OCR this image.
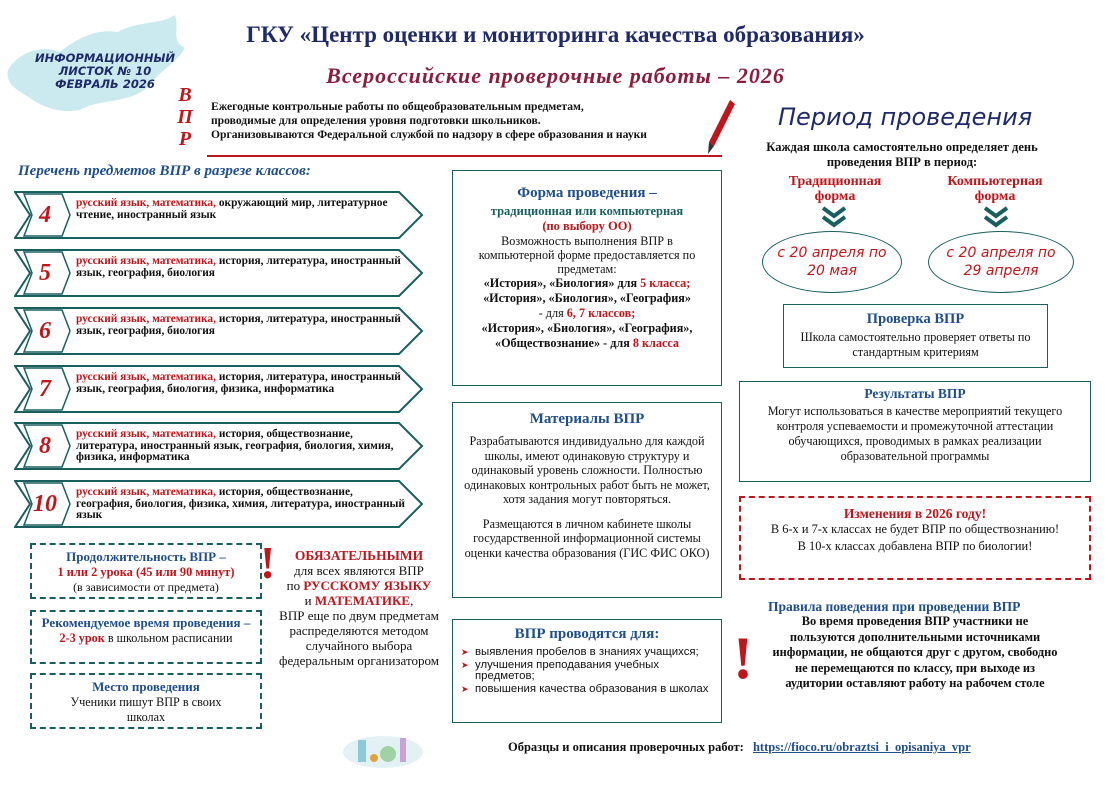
ГКУ «Центр оценки и мониторинга качества образования»
Всероссийские проверочные работы – 2026
ИНФОРМАЦИОННЫЙ
ЛИСТОК № 10
ФЕВРАЛЬ 2026	В
П
Р
Ежегодные контрольные работы по общеобразовательным предметам,
проводимые для определения уровня подготовки школьников.
Организовываются Федеральной службой по надзору в сфере образования и науки
Перечень предметов ВПР в разрезе классов:
4	русский язык, математика, окружающий мир, литературное чтение, иностранный язык
5	русский язык, математика, история, литература, иностранный язык, география, биология
6	русский язык, математика, история, литература, иностранный язык, география, биология
7	русский язык, математика, история, литература, иностранный язык, география, биология, физика, информатика
8	русский язык, математика, история, обществознание, литература, иностранный язык, география, биология, химия, физика, информатика
10	русский язык, математика, история, обществознание, география, биология, физика, химия, литература, иностранный язык
Форма проведения –
традиционная или компьютерная
(по выбору ОО)
Возможность выполнения ВПР в компьютерной форме предоставляется по предметам:
«История», «Биология» для 5 класса;
«История», «Биология», «География»
- для 6, 7 классов;
«История», «Биология», «География»,
«Обществознание» - для 8 класса
Материалы ВПР
Разрабатываются индивидуально для каждой школы, имеют одинаковую структуру и одинаковый уровень сложности. Полностью одинаковых контрольных работ быть не может, хотя задания могут повторяться.
Размещаются в личном кабинете школы государственной информационной системы оценки качества образования (ГИС ФИС ОКО)
ВПР проводятся для:
➤ выявления пробелов в знаниях учащихся;
➤ улучшения преподавания учебных предметов;
➤ повышения качества образования в школах
Период проведения
Каждая школа самостоятельно определяет день проведения ВПР в период:
Традиционная форма
Компьютерная форма
с 20 апреля по 20 мая
с 20 апреля по 29 апреля
Проверка ВПР
Школа самостоятельно проверяет ответы по стандартным критериям
Результаты ВПР
Могут использоваться в качестве мероприятий текущего контроля успеваемости и промежуточной аттестации обучающихся, проводимых в рамках реализации образовательной программы
Изменения в 2026 году!
В 6-х и 7-х классах не будет ВПР по обществознанию!
В 10-х классах добавлена ВПР по биологии!
Правила поведения при проведении ВПР
!
Во время проведения ВПР участники не пользуются дополнительными источниками информации, не общаются друг с другом, свободно не перемещаются по классу, при выходе из аудитории оставляют работу на рабочем столе
Продолжительность ВПР –
1 или 2 урока (45 или 90 минут)
(в зависимости от предмета)
Рекомендуемое время проведения –
2-3 урок в школьном расписании
Место проведения
Ученики пишут ВПР в своих школах
!	ОБЯЗАТЕЛЬНЫМИ
для всех являются ВПР
по РУССКОМУ ЯЗЫКУ
и МАТЕМАТИКЕ,
ВПР еще по двум предметам распределяются методом случайного выбора федеральным организатором
Образцы и описания проверочных работ: https://fioco.ru/obraztsi_i_opisaniya_vpr
